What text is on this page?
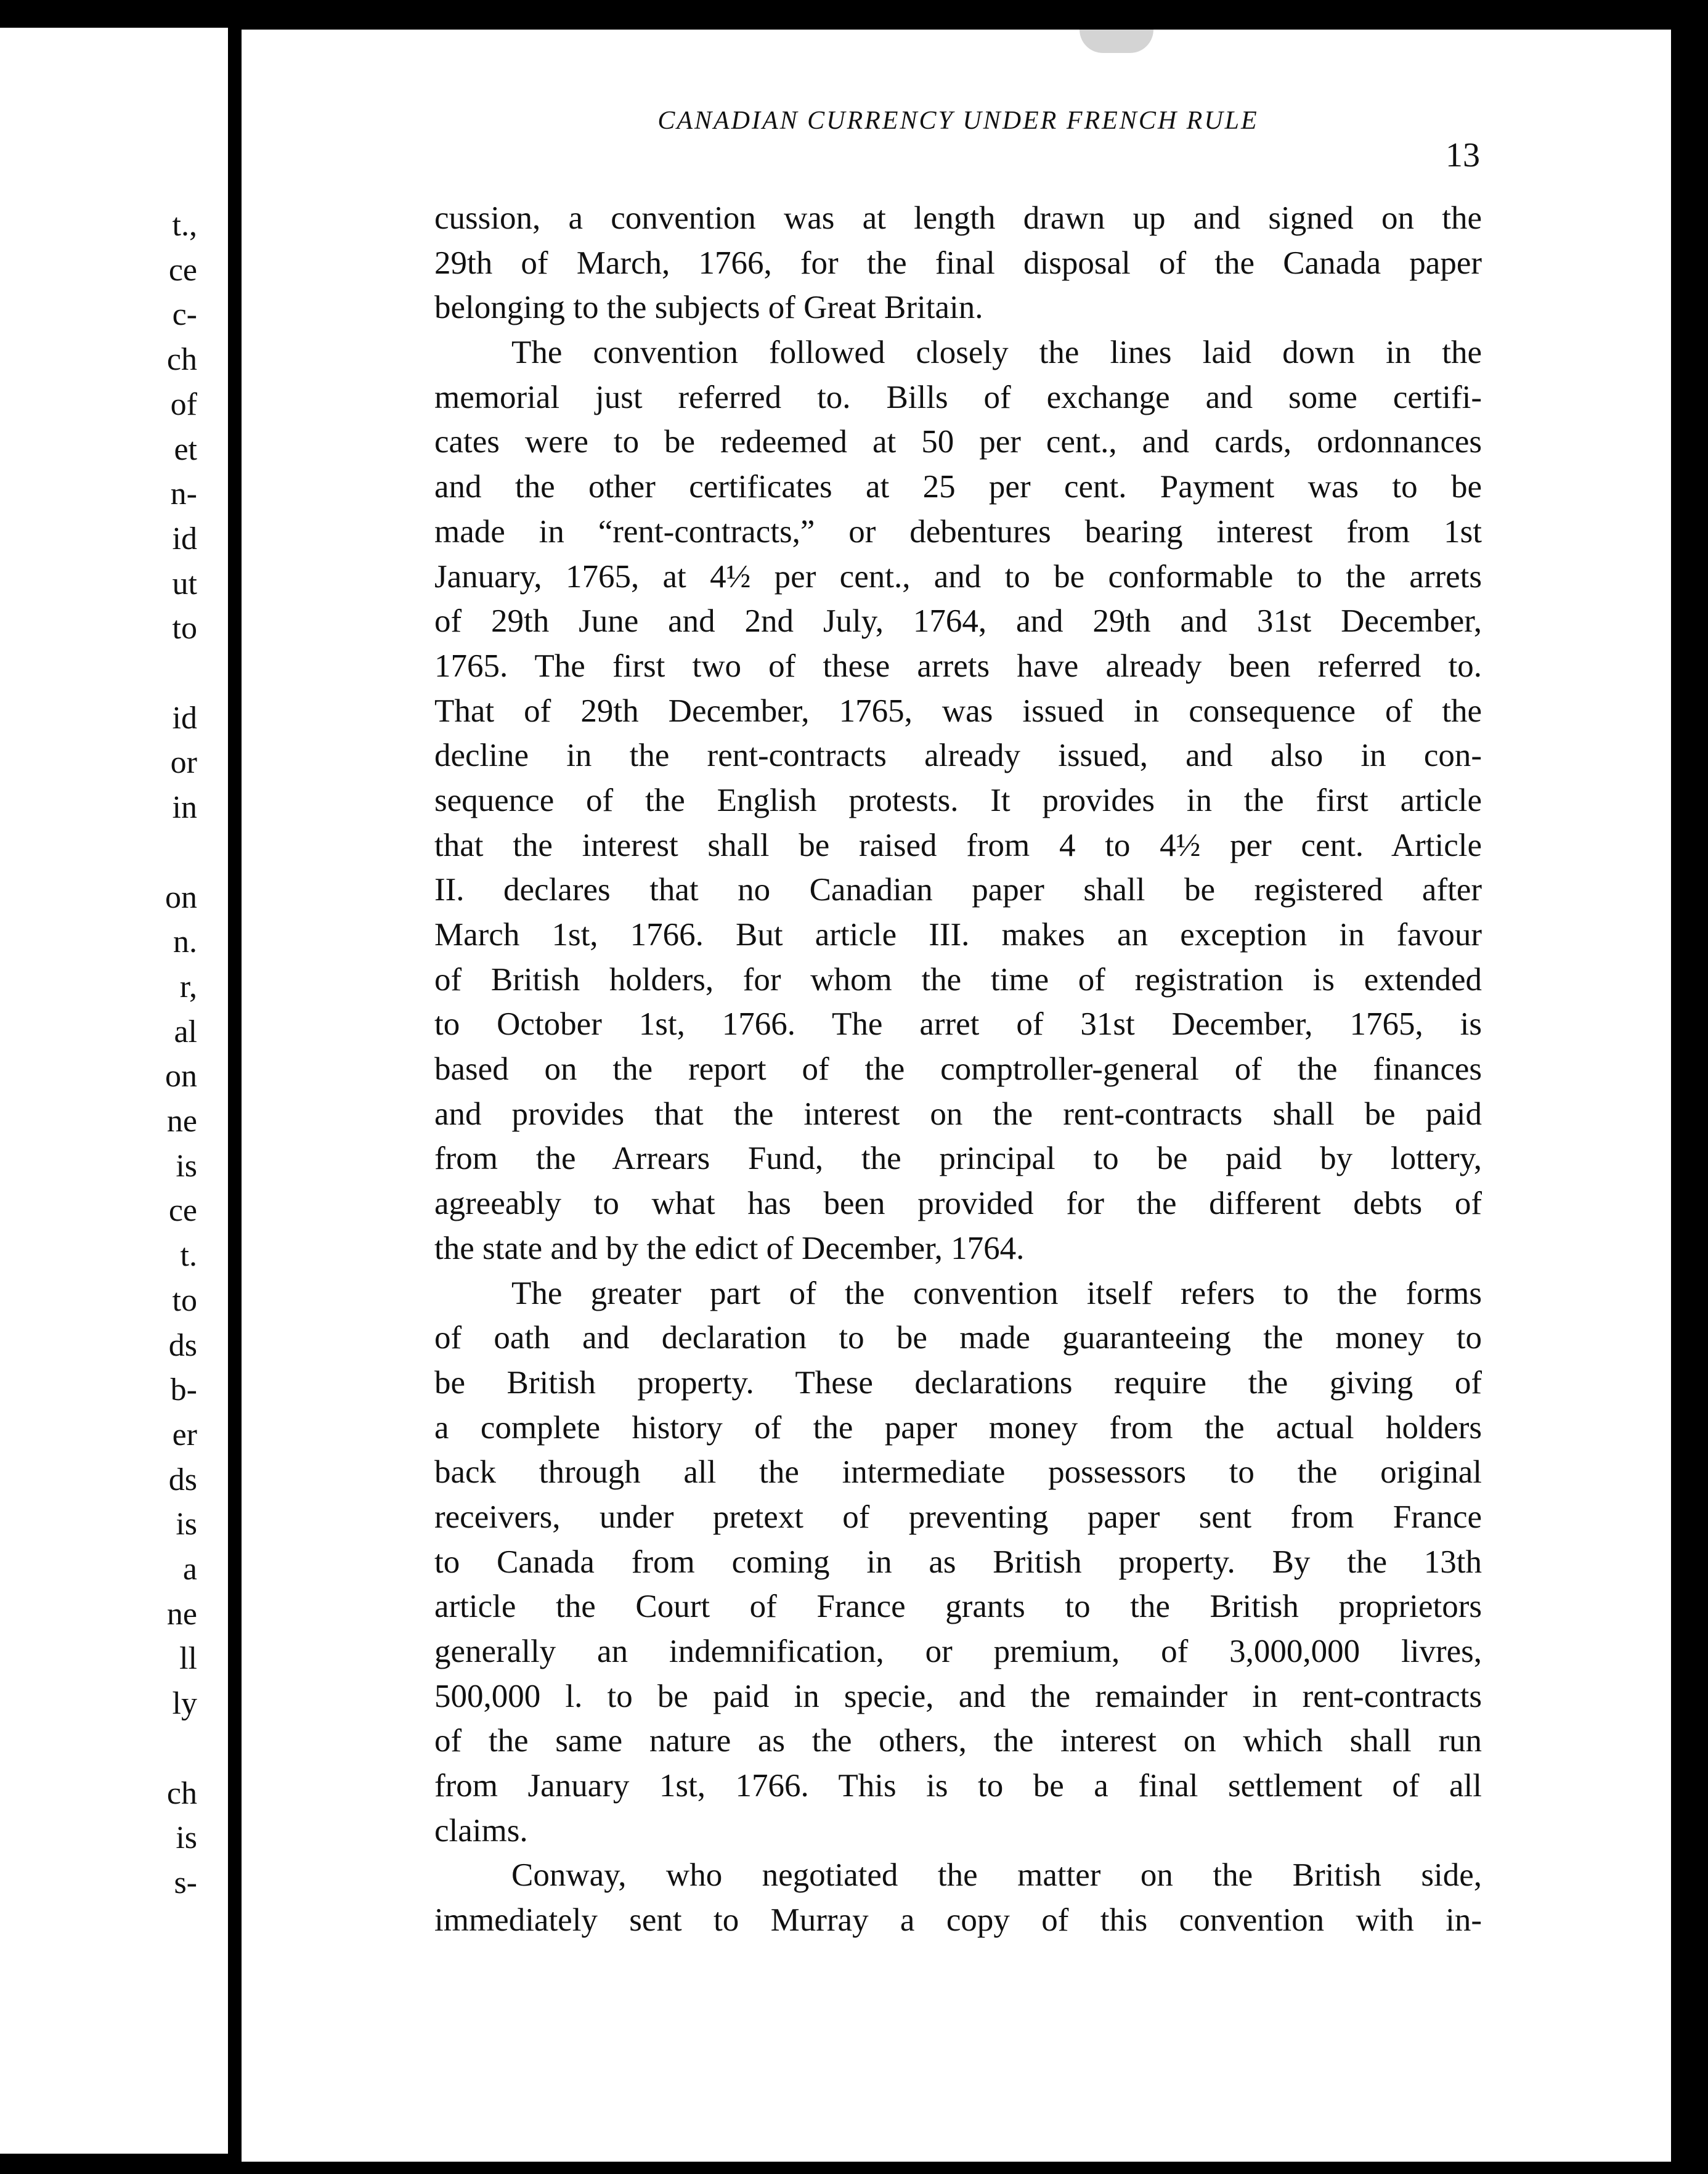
t.,
ce
c-
ch
of
et
n-
id
ut
to
id
or
in
on
n.
r,
al
on
ne
is
ce
t.
to
ds
b-
er
ds
is
a
ne
ll
ly
ch
is
s-
CANADIAN CURRENCY UNDER FRENCH RULE
13
cussion, a convention was at length drawn up and signed on the
29th of March, 1766, for the final disposal of the Canada paper
belonging to the subjects of Great Britain.
The convention followed closely the lines laid down in the
memorial just referred to. Bills of exchange and some certifi-
cates were to be redeemed at 50 per cent., and cards, ordonnances
and the other certificates at 25 per cent. Payment was to be
made in “rent-contracts,” or debentures bearing interest from 1st
January, 1765, at 4½ per cent., and to be conformable to the arrets
of 29th June and 2nd July, 1764, and 29th and 31st December,
1765. The first two of these arrets have already been referred to.
That of 29th December, 1765, was issued in consequence of the
decline in the rent-contracts already issued, and also in con-
sequence of the English protests. It provides in the first article
that the interest shall be raised from 4 to 4½ per cent. Article
II. declares that no Canadian paper shall be registered after
March 1st, 1766. But article III. makes an exception in favour
of British holders, for whom the time of registration is extended
to October 1st, 1766. The arret of 31st December, 1765, is
based on the report of the comptroller-general of the finances
and provides that the interest on the rent-contracts shall be paid
from the Arrears Fund, the principal to be paid by lottery,
agreeably to what has been provided for the different debts of
the state and by the edict of December, 1764.
The greater part of the convention itself refers to the forms
of oath and declaration to be made guaranteeing the money to
be British property. These declarations require the giving of
a complete history of the paper money from the actual holders
back through all the intermediate possessors to the original
receivers, under pretext of preventing paper sent from France
to Canada from coming in as British property. By the 13th
article the Court of France grants to the British proprietors
generally an indemnification, or premium, of 3,000,000 livres,
500,000 l. to be paid in specie, and the remainder in rent-contracts
of the same nature as the others, the interest on which shall run
from January 1st, 1766. This is to be a final settlement of all
claims.
Conway, who negotiated the matter on the British side,
immediately sent to Murray a copy of this convention with in-
